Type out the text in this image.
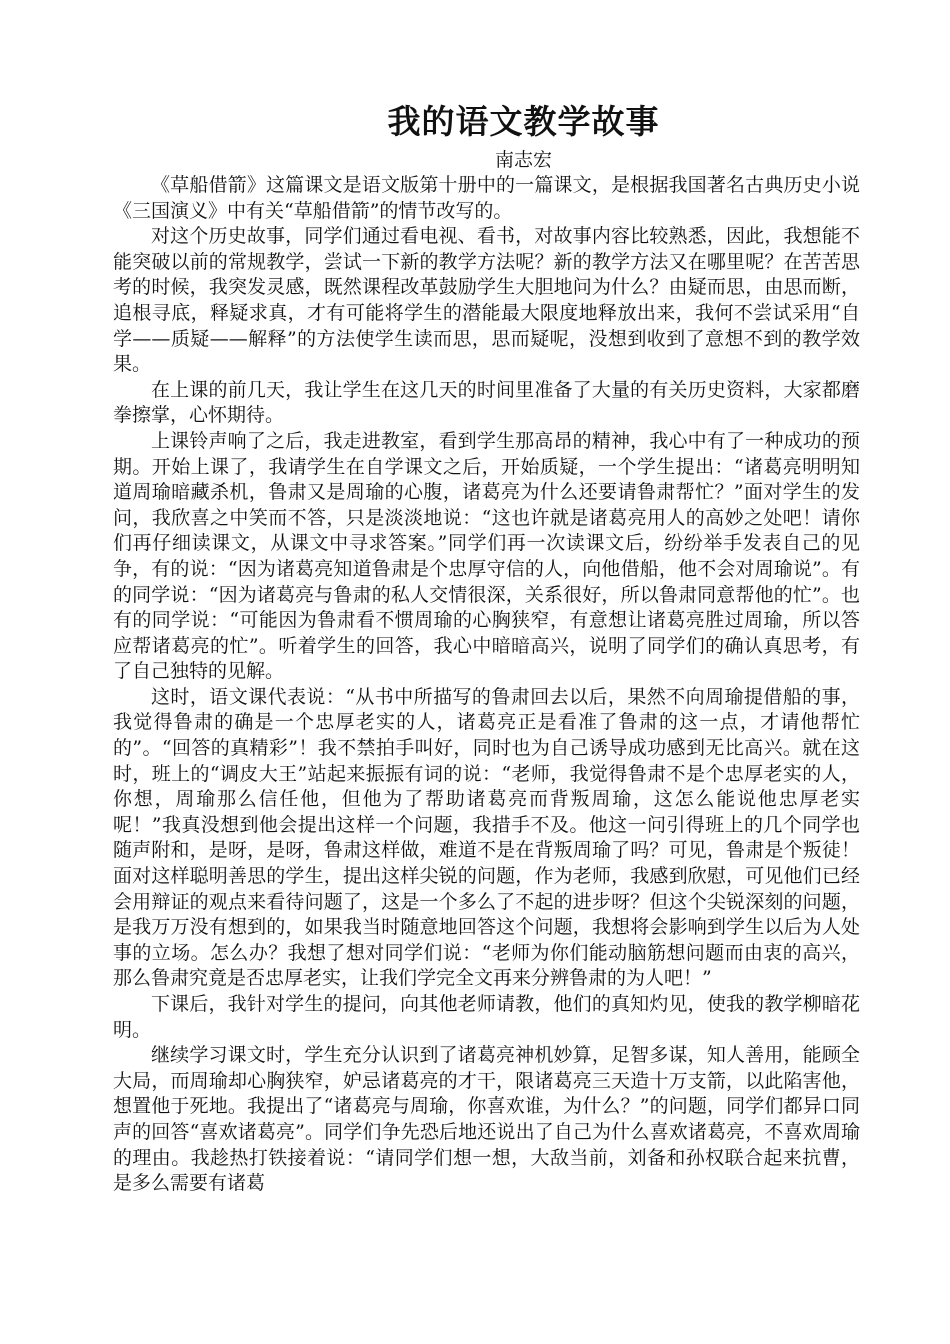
我的语文教学故事

南志宏

《草船借箭》这篇课文是语文版第十册中的一篇课文，是根据我国著名古典历史小说《三国演义》中有关“草船借箭”的情节改写的。

对这个历史故事，同学们通过看电视、看书，对故事内容比较熟悉，因此，我想能不能突破以前的常规教学，尝试一下新的教学方法呢？新的教学方法又在哪里呢？在苦苦思考的时候，我突发灵感，既然课程改革鼓励学生大胆地问为什么？由疑而思，由思而断，追根寻底，释疑求真，才有可能将学生的潜能最大限度地释放出来，我何不尝试采用“自学——质疑——解释”的方法使学生读而思，思而疑呢，没想到收到了意想不到的教学效果。

在上课的前几天，我让学生在这几天的时间里准备了大量的有关历史资料，大家都磨拳擦掌，心怀期待。

上课铃声响了之后，我走进教室，看到学生那高昂的精神，我心中有了一种成功的预期。开始上课了，我请学生在自学课文之后，开始质疑，一个学生提出：“诸葛亮明明知道周瑜暗藏杀机，鲁肃又是周瑜的心腹，诸葛亮为什么还要请鲁肃帮忙？”面对学生的发问，我欣喜之中笑而不答，只是淡淡地说：“这也许就是诸葛亮用人的高妙之处吧！请你们再仔细读课文，从课文中寻求答案。”同学们再一次读课文后，纷纷举手发表自己的见争，有的说：“因为诸葛亮知道鲁肃是个忠厚守信的人，向他借船，他不会对周瑜说”。有的同学说：“因为诸葛亮与鲁肃的私人交情很深，关系很好，所以鲁肃同意帮他的忙”。也有的同学说：“可能因为鲁肃看不惯周瑜的心胸狭窄，有意想让诸葛亮胜过周瑜，所以答应帮诸葛亮的忙”。听着学生的回答，我心中暗暗高兴，说明了同学们的确认真思考，有了自己独特的见解。

这时，语文课代表说：“从书中所描写的鲁肃回去以后，果然不向周瑜提借船的事，我觉得鲁肃的确是一个忠厚老实的人，诸葛亮正是看准了鲁肃的这一点，才请他帮忙的”。“回答的真精彩”！我不禁拍手叫好，同时也为自己诱导成功感到无比高兴。就在这时，班上的“调皮大王”站起来振振有词的说：“老师，我觉得鲁肃不是个忠厚老实的人，你想，周瑜那么信任他，但他为了帮助诸葛亮而背叛周瑜，这怎么能说他忠厚老实呢！”我真没想到他会提出这样一个问题，我措手不及。他这一问引得班上的几个同学也随声附和，是呀，是呀，鲁肃这样做，难道不是在背叛周瑜了吗？可见，鲁肃是个叛徒！面对这样聪明善思的学生，提出这样尖锐的问题，作为老师，我感到欣慰，可见他们已经会用辩证的观点来看待问题了，这是一个多么了不起的进步呀？但这个尖锐深刻的问题，是我万万没有想到的，如果我当时随意地回答这个问题，我想将会影响到学生以后为人处事的立场。怎么办？我想了想对同学们说：“老师为你们能动脑筋想问题而由衷的高兴，那么鲁肃究竟是否忠厚老实，让我们学完全文再来分辨鲁肃的为人吧！”

下课后，我针对学生的提问，向其他老师请教，他们的真知灼见，使我的教学柳暗花明。

继续学习课文时，学生充分认识到了诸葛亮神机妙算，足智多谋，知人善用，能顾全大局，而周瑜却心胸狭窄，妒忌诸葛亮的才干，限诸葛亮三天造十万支箭，以此陷害他，想置他于死地。我提出了“诸葛亮与周瑜，你喜欢谁，为什么？”的问题，同学们都异口同声的回答“喜欢诸葛亮”。同学们争先恐后地还说出了自己为什么喜欢诸葛亮，不喜欢周瑜的理由。我趁热打铁接着说：“请同学们想一想，大敌当前，刘备和孙权联合起来抗曹，是多么需要有诸葛
